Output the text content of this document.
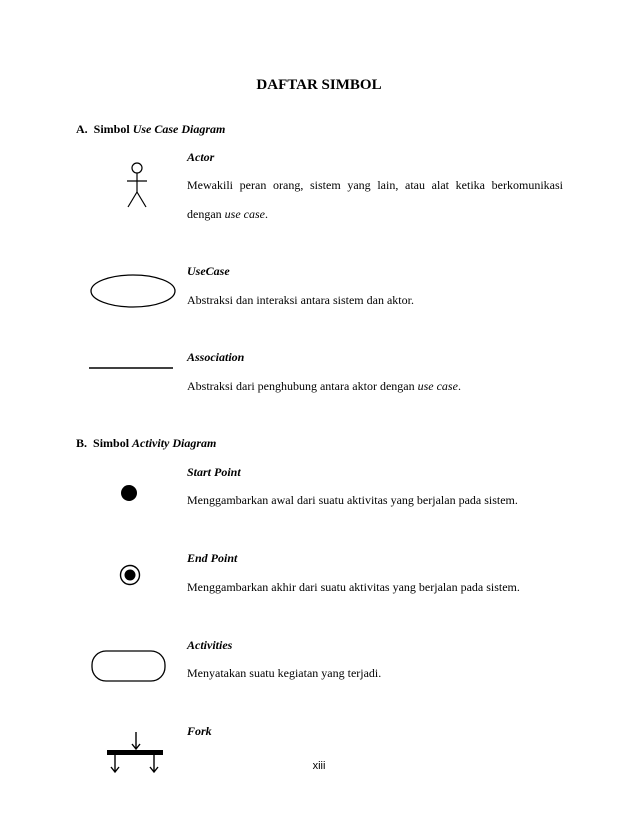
DAFTAR SIMBOL
A. Simbol Use Case Diagram
Actor
Mewakili peran orang, sistem yang lain, atau alat ketika berkomunikasi
dengan use case.
UseCase
Abstraksi dan interaksi antara sistem dan aktor.
Association
Abstraksi dari penghubung antara aktor dengan use case.
B. Simbol Activity Diagram
Start Point
Menggambarkan awal dari suatu aktivitas yang berjalan pada sistem.
End Point
Menggambarkan akhir dari suatu aktivitas yang berjalan pada sistem.
Activities
Menyatakan suatu kegiatan yang terjadi.
Fork
xiii
